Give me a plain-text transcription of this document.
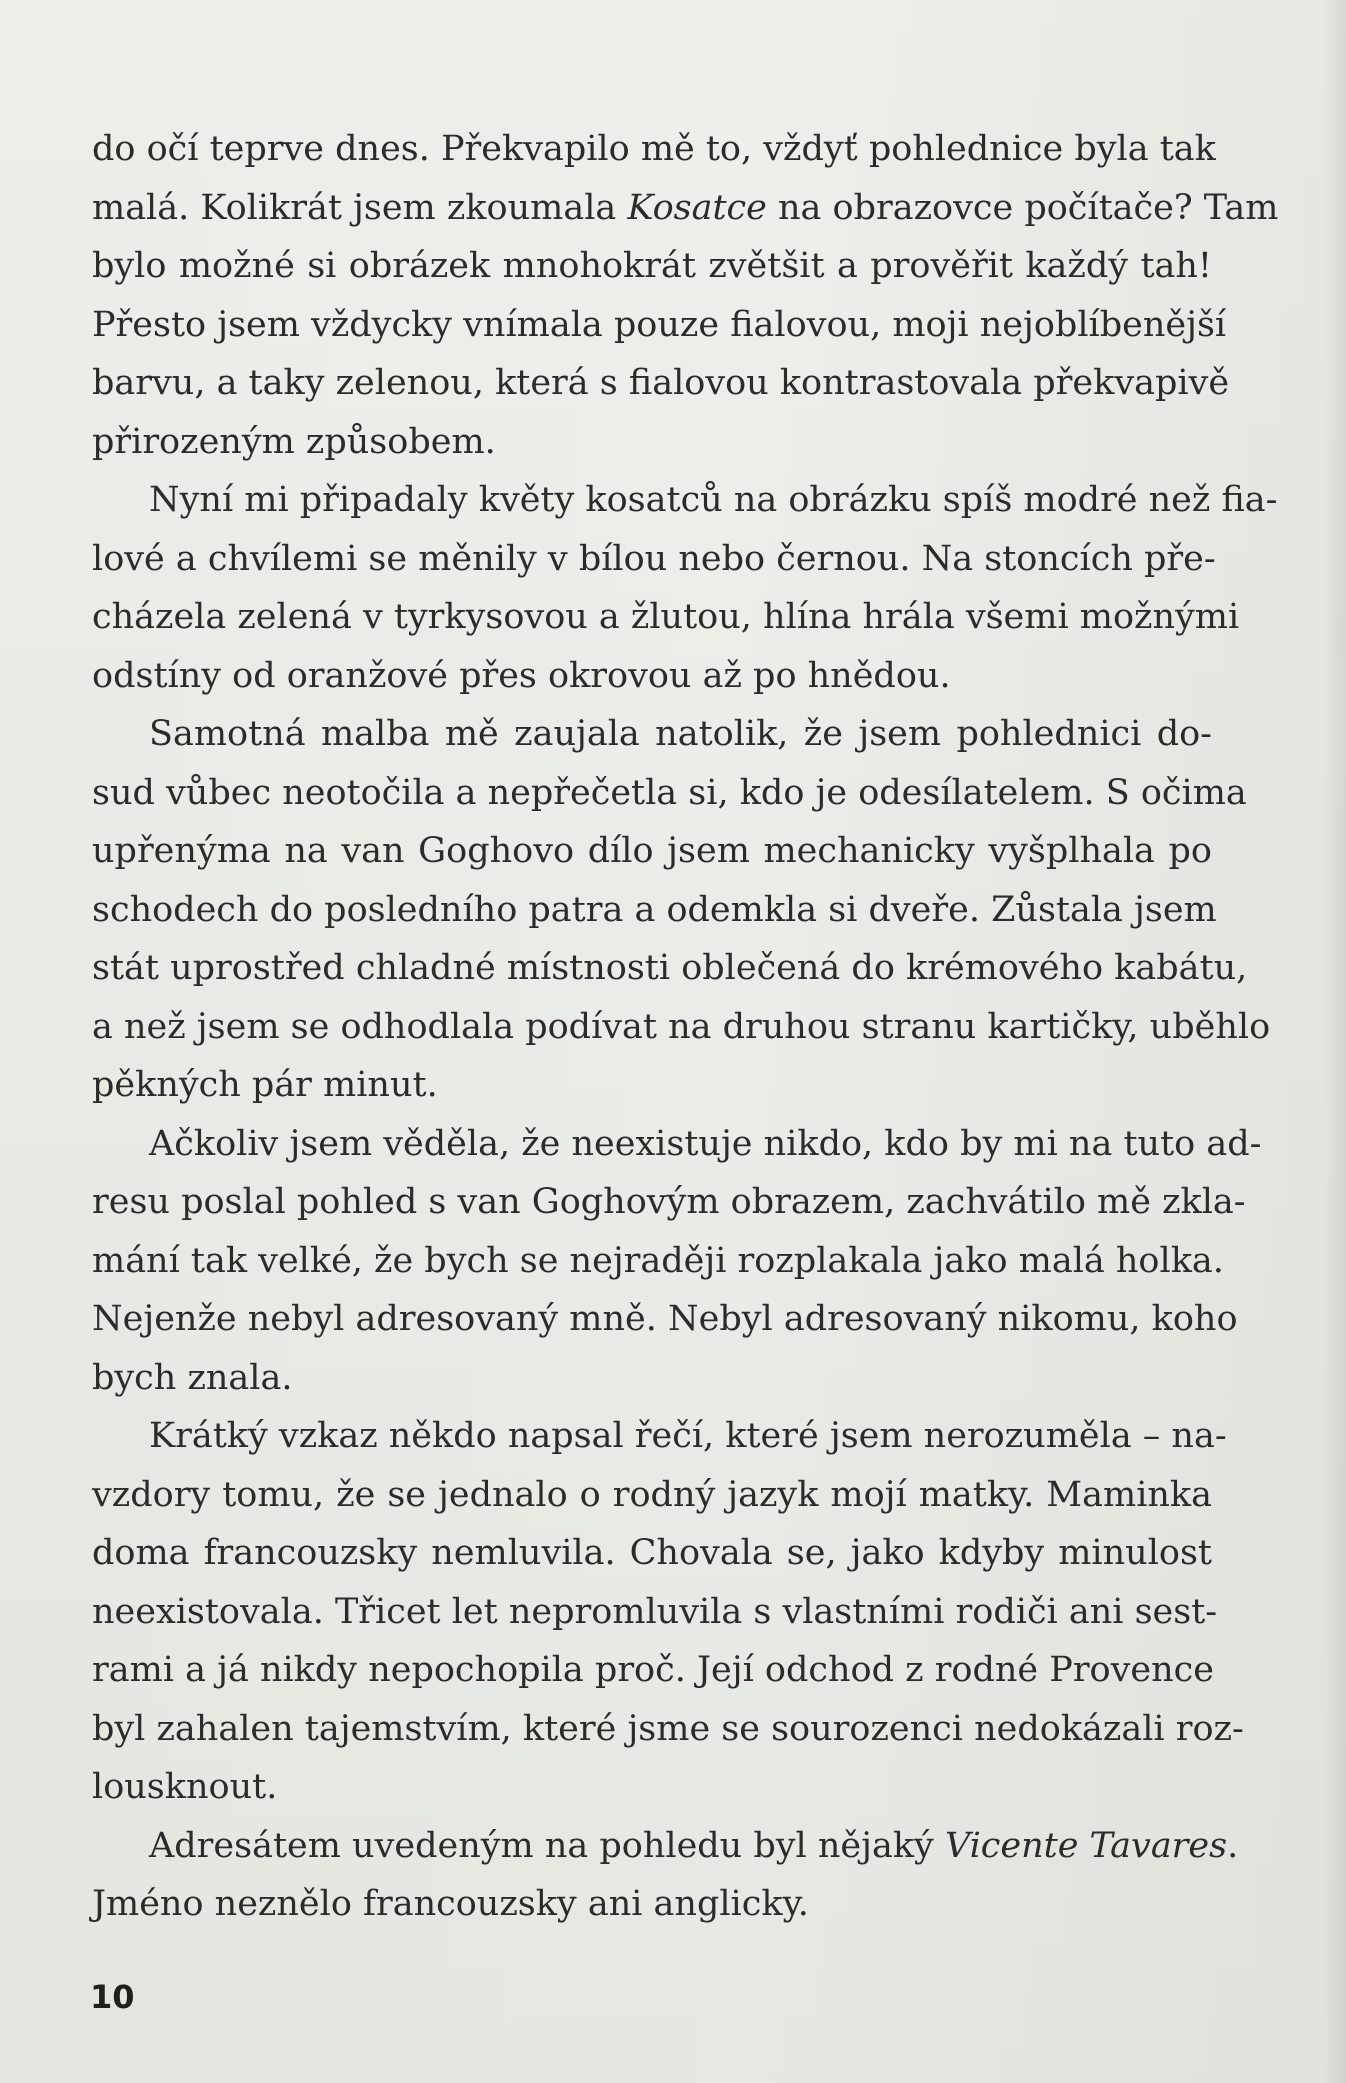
do očí teprve dnes. Překvapilo mě to, vždyť pohlednice byla tak
malá. Kolikrát jsem zkoumala Kosatce na obrazovce počítače? Tam
bylo možné si obrázek mnohokrát zvětšit a prověřit každý tah!
Přesto jsem vždycky vnímala pouze fialovou, moji nejoblíbenější
barvu, a taky zelenou, která s fialovou kontrastovala překvapivě
přirozeným způsobem.
Nyní mi připadaly květy kosatců na obrázku spíš modré než fia-
lové a chvílemi se měnily v bílou nebo černou. Na stoncích pře-
cházela zelená v tyrkysovou a žlutou, hlína hrála všemi možnými
odstíny od oranžové přes okrovou až po hnědou.
Samotná malba mě zaujala natolik, že jsem pohlednici do-
sud vůbec neotočila a nepřečetla si, kdo je odesílatelem. S očima
upřenýma na van Goghovo dílo jsem mechanicky vyšplhala po
schodech do posledního patra a odemkla si dveře. Zůstala jsem
stát uprostřed chladné místnosti oblečená do krémového kabátu,
a než jsem se odhodlala podívat na druhou stranu kartičky, uběhlo
pěkných pár minut.
Ačkoliv jsem věděla, že neexistuje nikdo, kdo by mi na tuto ad-
resu poslal pohled s van Goghovým obrazem, zachvátilo mě zkla-
mání tak velké, že bych se nejraději rozplakala jako malá holka.
Nejenže nebyl adresovaný mně. Nebyl adresovaný nikomu, koho
bych znala.
Krátký vzkaz někdo napsal řečí, které jsem nerozuměla – na-
vzdory tomu, že se jednalo o rodný jazyk mojí matky. Maminka
doma francouzsky nemluvila. Chovala se, jako kdyby minulost
neexistovala. Třicet let nepromluvila s vlastními rodiči ani sest-
rami a já nikdy nepochopila proč. Její odchod z rodné Provence
byl zahalen tajemstvím, které jsme se sourozenci nedokázali roz-
lousknout.
Adresátem uvedeným na pohledu byl nějaký Vicente Tavares.
Jméno neznělo francouzsky ani anglicky.
10
